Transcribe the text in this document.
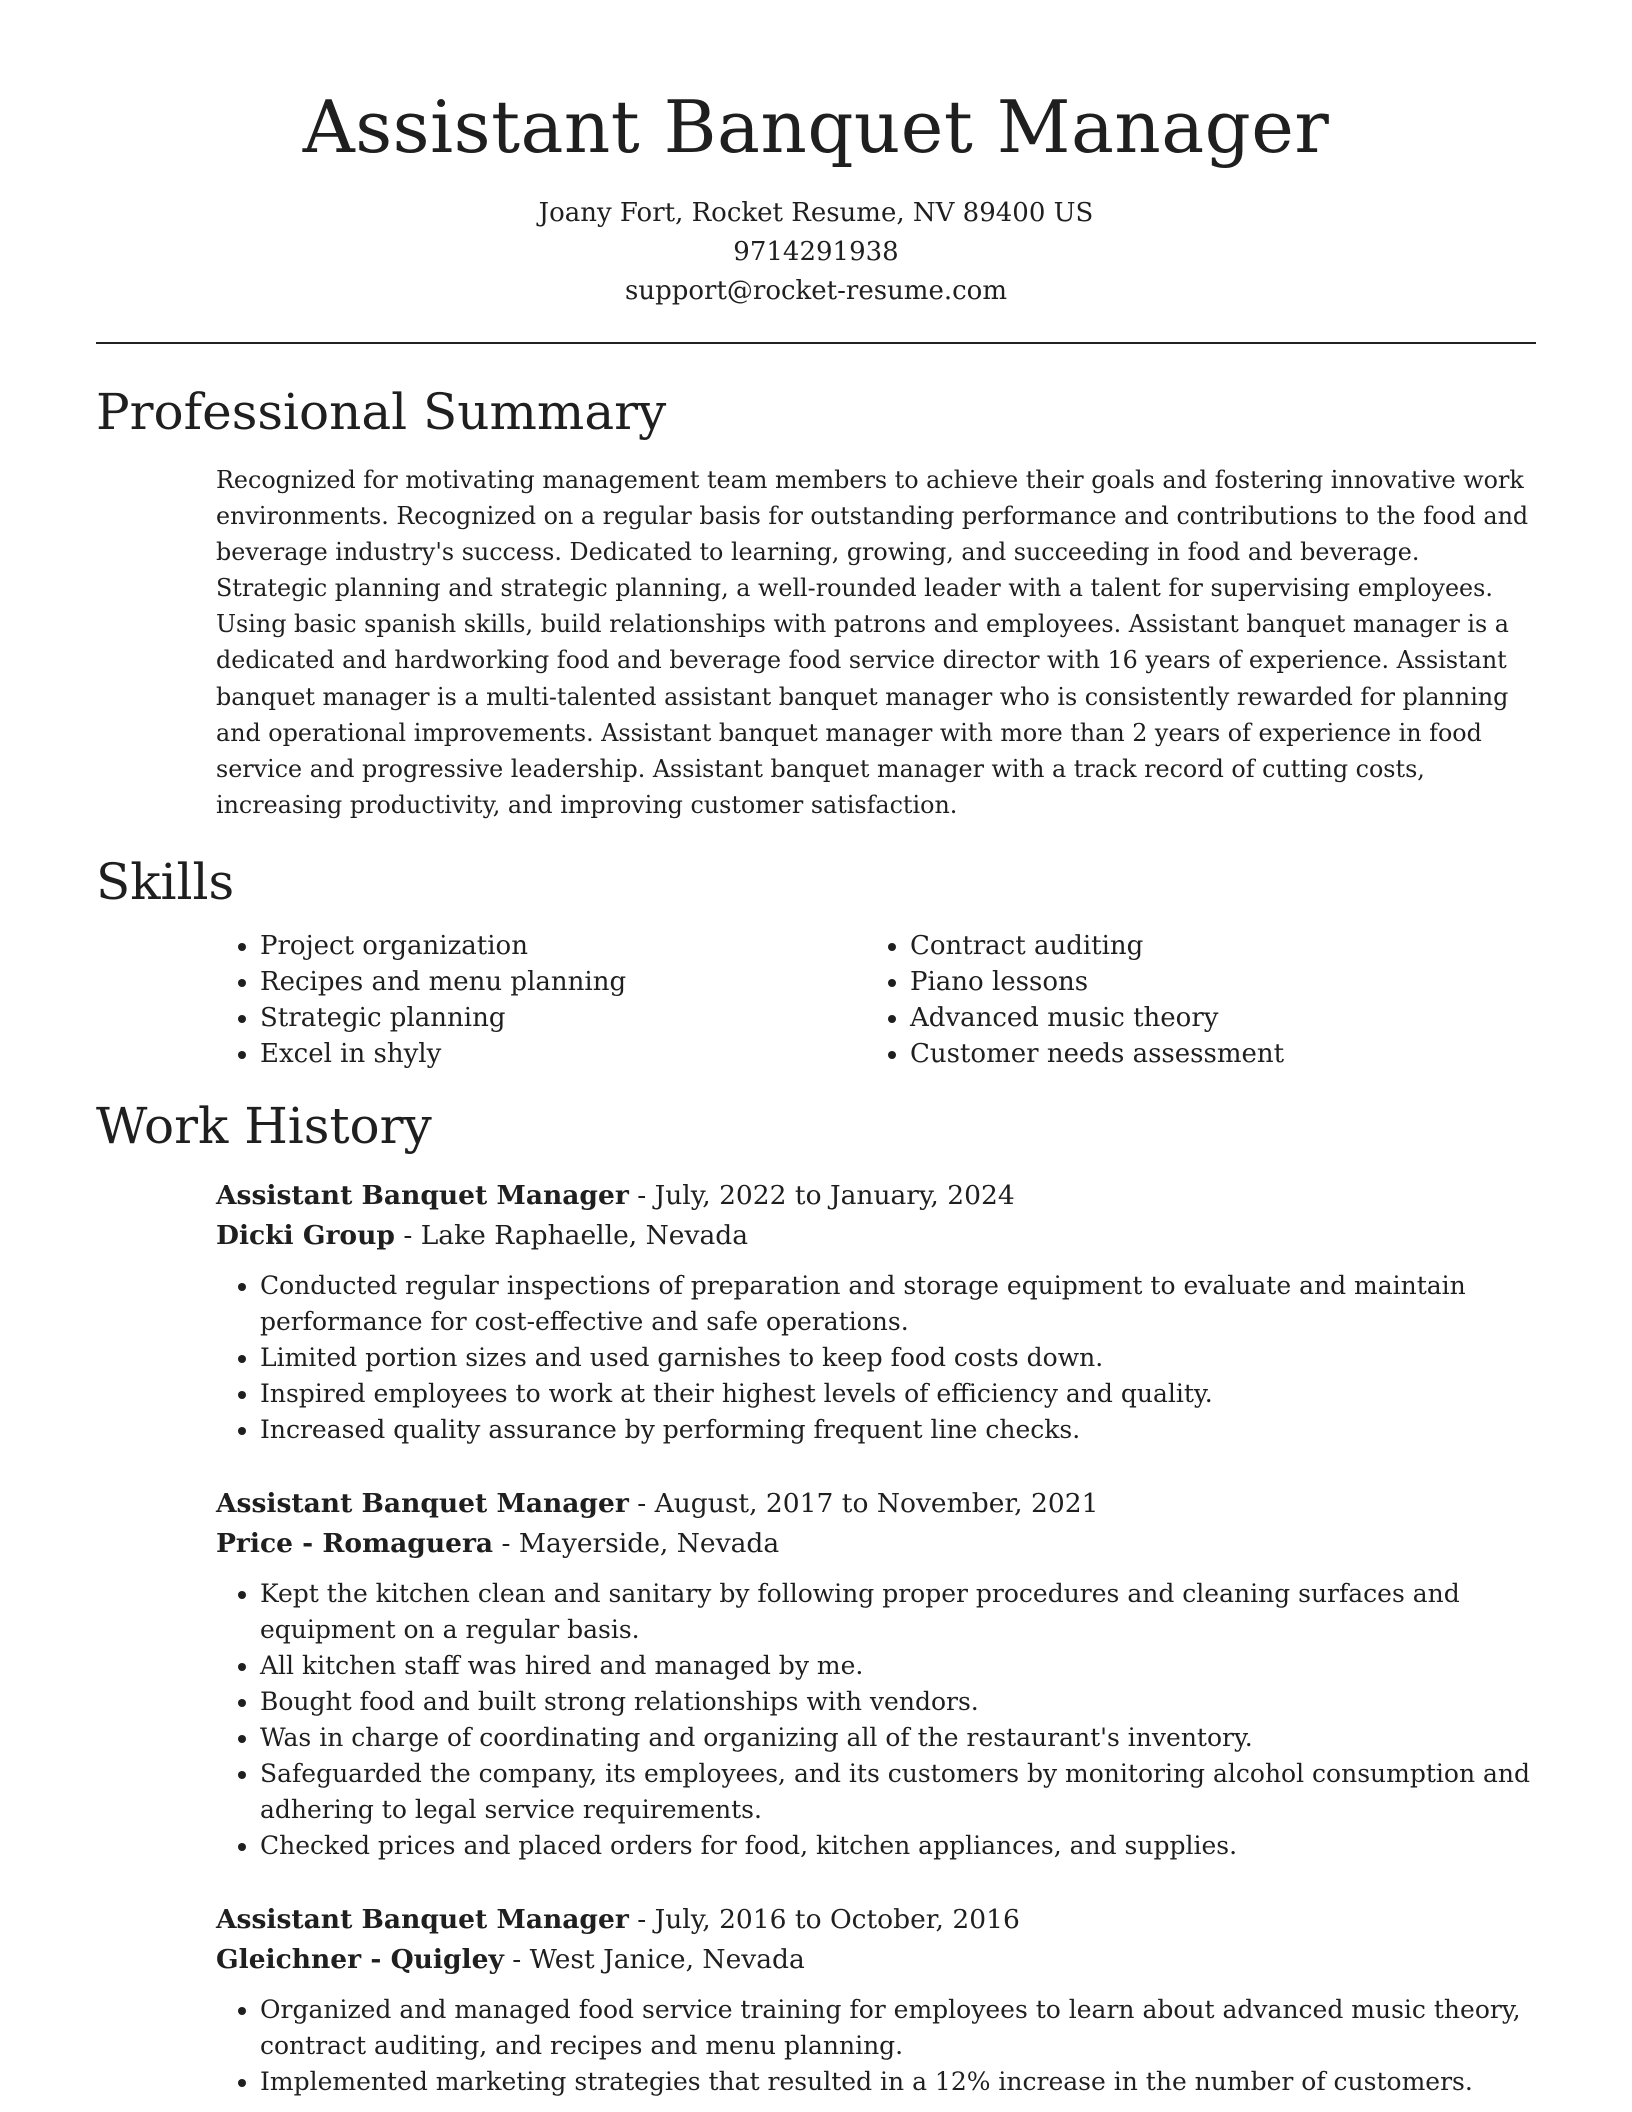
Assistant Banquet Manager
Joany Fort, Rocket Resume, NV 89400 US
9714291938
support@rocket-resume.com
Professional Summary

Recognized for motivating management team members to achieve their goals and fostering innovative work environments. Recognized on a regular basis for outstanding performance and contributions to the food and beverage industry's success. Dedicated to learning, growing, and succeeding in food and beverage. Strategic planning and strategic planning, a well-rounded leader with a talent for supervising employees. Using basic spanish skills, build relationships with patrons and employees. Assistant banquet manager is a dedicated and hardworking food and beverage food service director with 16 years of experience. Assistant banquet manager is a multi-talented assistant banquet manager who is consistently rewarded for planning and operational improvements. Assistant banquet manager with more than 2 years of experience in food service and progressive leadership. Assistant banquet manager with a track record of cutting costs, increasing productivity, and improving customer satisfaction.

Skills
• Project organization
• Recipes and menu planning
• Strategic planning
• Excel in shyly
• Contract auditing
• Piano lessons
• Advanced music theory
• Customer needs assessment
Work History
Assistant Banquet Manager - July, 2022 to January, 2024
Dicki Group - Lake Raphaelle, Nevada
• Conducted regular inspections of preparation and storage equipment to evaluate and maintain performance for cost-effective and safe operations.
• Limited portion sizes and used garnishes to keep food costs down.
• Inspired employees to work at their highest levels of efficiency and quality.
• Increased quality assurance by performing frequent line checks.
Assistant Banquet Manager - August, 2017 to November, 2021
Price - Romaguera - Mayerside, Nevada
• Kept the kitchen clean and sanitary by following proper procedures and cleaning surfaces and equipment on a regular basis.
• All kitchen staff was hired and managed by me.
• Bought food and built strong relationships with vendors.
• Was in charge of coordinating and organizing all of the restaurant's inventory.
• Safeguarded the company, its employees, and its customers by monitoring alcohol consumption and adhering to legal service requirements.
• Checked prices and placed orders for food, kitchen appliances, and supplies.
Assistant Banquet Manager - July, 2016 to October, 2016
Gleichner - Quigley - West Janice, Nevada
• Organized and managed food service training for employees to learn about advanced music theory, contract auditing, and recipes and menu planning.
• Implemented marketing strategies that resulted in a 12% increase in the number of customers.
